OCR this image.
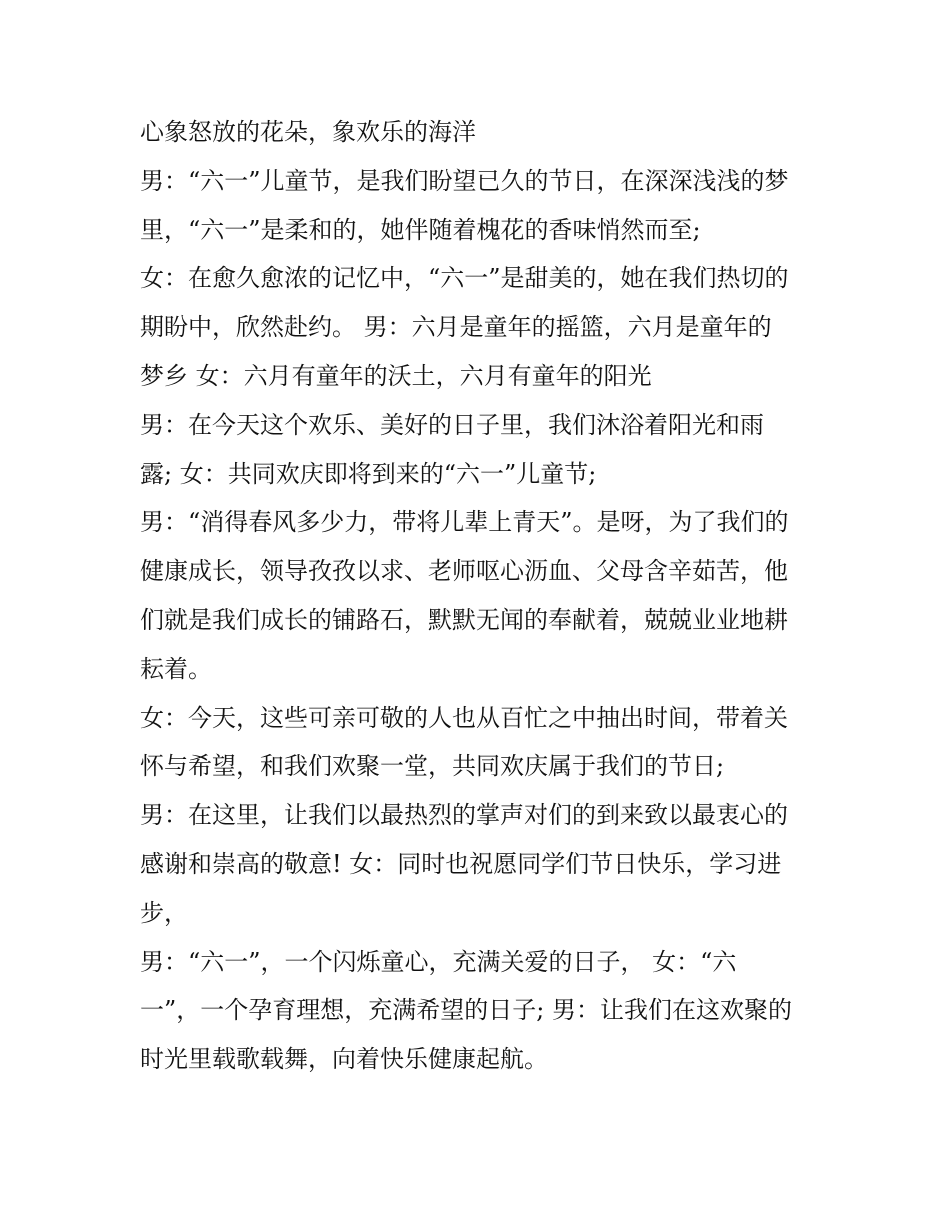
心象怒放的花朵，象欢乐的海洋
男：“六一”儿童节，是我们盼望已久的节日，在深深浅浅的梦
里，“六一”是柔和的，她伴随着槐花的香味悄然而至;
女：在愈久愈浓的记忆中，“六一”是甜美的，她在我们热切的
期盼中，欣然赴约。 男：六月是童年的摇篮，六月是童年的
梦乡 女：六月有童年的沃土，六月有童年的阳光
男：在今天这个欢乐、美好的日子里，我们沐浴着阳光和雨
露; 女：共同欢庆即将到来的“六一”儿童节;
男：“消得春风多少力，带将儿辈上青天”。是呀，为了我们的
健康成长，领导孜孜以求、老师呕心沥血、父母含辛茹苦，他
们就是我们成长的铺路石，默默无闻的奉献着，兢兢业业地耕
耘着。
女：今天，这些可亲可敬的人也从百忙之中抽出时间，带着关
怀与希望，和我们欢聚一堂，共同欢庆属于我们的节日;
男：在这里，让我们以最热烈的掌声对们的到来致以最衷心的
感谢和崇高的敬意! 女：同时也祝愿同学们节日快乐，学习进
步，
男：“六一”，一个闪烁童心，充满关爱的日子， 女：“六
一”，一个孕育理想，充满希望的日子; 男：让我们在这欢聚的
时光里载歌载舞，向着快乐健康起航。
